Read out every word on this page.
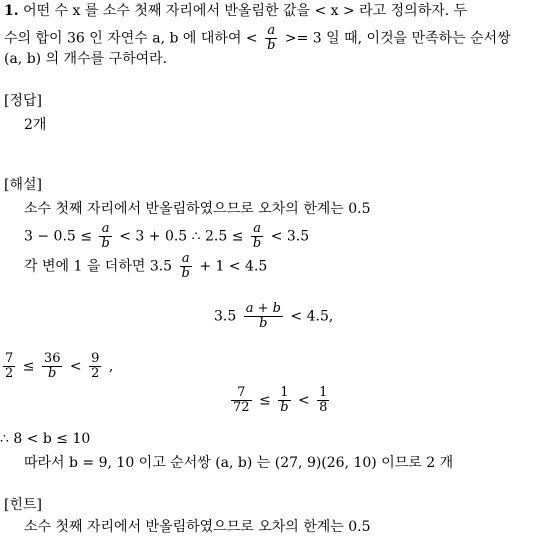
1. 어떤 수 x 를 소수 첫째 자리에서 반올림한 값을 < x > 라고 정의하자. 두
수의 합이 36 인 자연수 a, b 에 대하여 < $\frac{a}{b} >= 3$ 일 때, 이것을 만족하는 순서쌍
(a, b) 의 개수를 구하여라.
[정답]
2개
[해설]
소수 첫째 자리에서 반올림하였으므로 오차의 한계는 0.5
$3 - 0.5 \le \frac{a}{b} < 3 + 0.5$ ∴ $2.5 \le \frac{a}{b} < 3.5$
각 변에 1 을 더하면 $3.5 \frac{a}{b} + 1 < 4.5$
$3.5 \frac{a + b}{b} < 4.5$,
$\frac{7}{2} \le \frac{36}{b} < \frac{9}{2}$ ,
$\frac{7}{72} \le \frac{1}{b} < \frac{1}{8}$
∴ 8 < b ≤ 10
따라서 b = 9, 10 이고 순서쌍 (a, b) 는 (27, 9)(26, 10) 이므로 2 개
[힌트]
소수 첫째 자리에서 반올림하였으므로 오차의 한계는 0.5
